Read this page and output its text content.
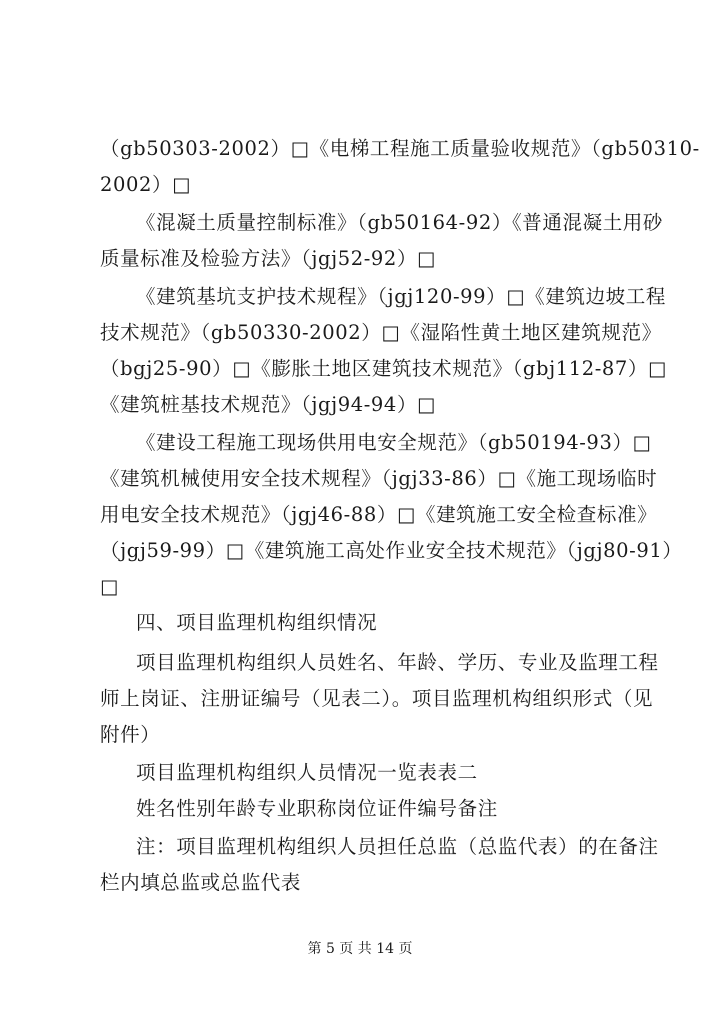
（gb50303-2002）□《电梯工程施工质量验收规范》（gb50310-
2002）□
《混凝土质量控制标准》（gb50164-92）《普通混凝土用砂
质量标准及检验方法》（jgj52-92）□
《建筑基坑支护技术规程》（jgj120-99）□《建筑边坡工程
技术规范》（gb50330-2002）□《湿陷性黄土地区建筑规范》
（bgj25-90）□《膨胀土地区建筑技术规范》（gbj112-87）□
《建筑桩基技术规范》（jgj94-94）□
《建设工程施工现场供用电安全规范》（gb50194-93）□
《建筑机械使用安全技术规程》（jgj33-86）□《施工现场临时
用电安全技术规范》（jgj46-88）□《建筑施工安全检查标准》
（jgj59-99）□《建筑施工高处作业安全技术规范》（jgj80-91）
□
四、项目监理机构组织情况
项目监理机构组织人员姓名、年龄、学历、专业及监理工程
师上岗证、注册证编号（见表二）。项目监理机构组织形式（见
附件）
项目监理机构组织人员情况一览表表二
姓名性别年龄专业职称岗位证件编号备注
注：项目监理机构组织人员担任总监（总监代表）的在备注
栏内填总监或总监代表
第 5 页 共 14 页
